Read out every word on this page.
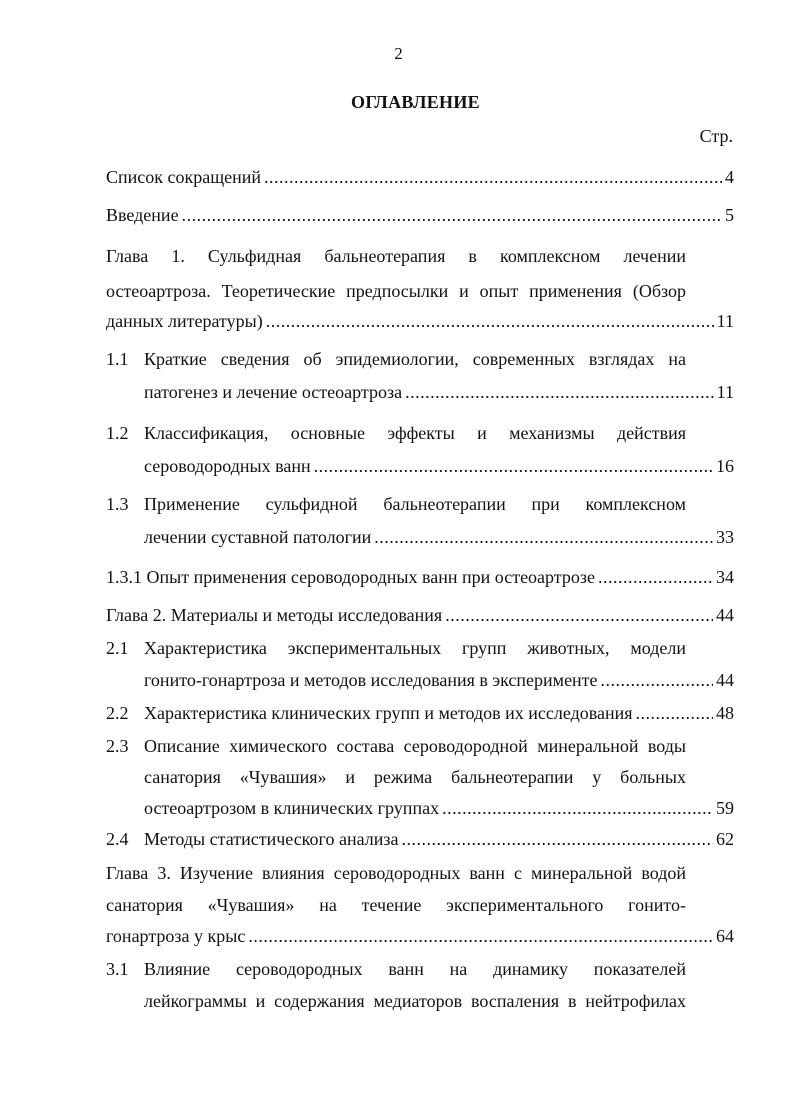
2
ОГЛАВЛЕНИЕ
Стр.
Список сокращений .....	4
Введение .....	5
Глава 1. Сульфидная бальнеотерапия в комплексном лечении
остеоартроза. Теоретические предпосылки и опыт применения (Обзор
данных литературы) .....	11
1.1 Краткие сведения об эпидемиологии, современных взглядах на
патогенез и лечение остеоартроза .....	11
1.2 Классификация, основные эффекты и механизмы действия
сероводородных ванн .....	16
1.3 Применение сульфидной бальнеотерапии при комплексном
лечении суставной патологии .....	33
1.3.1 Опыт применения сероводородных ванн при остеоартрозе .....	34
Глава 2. Материалы и методы исследования .....	44
2.1 Характеристика экспериментальных групп животных, модели
гонито-гонартроза и методов исследования в эксперименте .....	44
2.2 Характеристика клинических групп и методов их исследования .....	48
2.3 Описание химического состава сероводородной минеральной воды
санатория «Чувашия» и режима бальнеотерапии у больных
остеоартрозом в клинических группах .....	59
2.4 Методы статистического анализа .....	62
Глава 3. Изучение влияния сероводородных ванн с минеральной водой
санатория «Чувашия» на течение экспериментального гонито-
гонартроза у крыс .....	64
3.1 Влияние сероводородных ванн на динамику показателей
лейкограммы и содержания медиаторов воспаления в нейтрофилах
